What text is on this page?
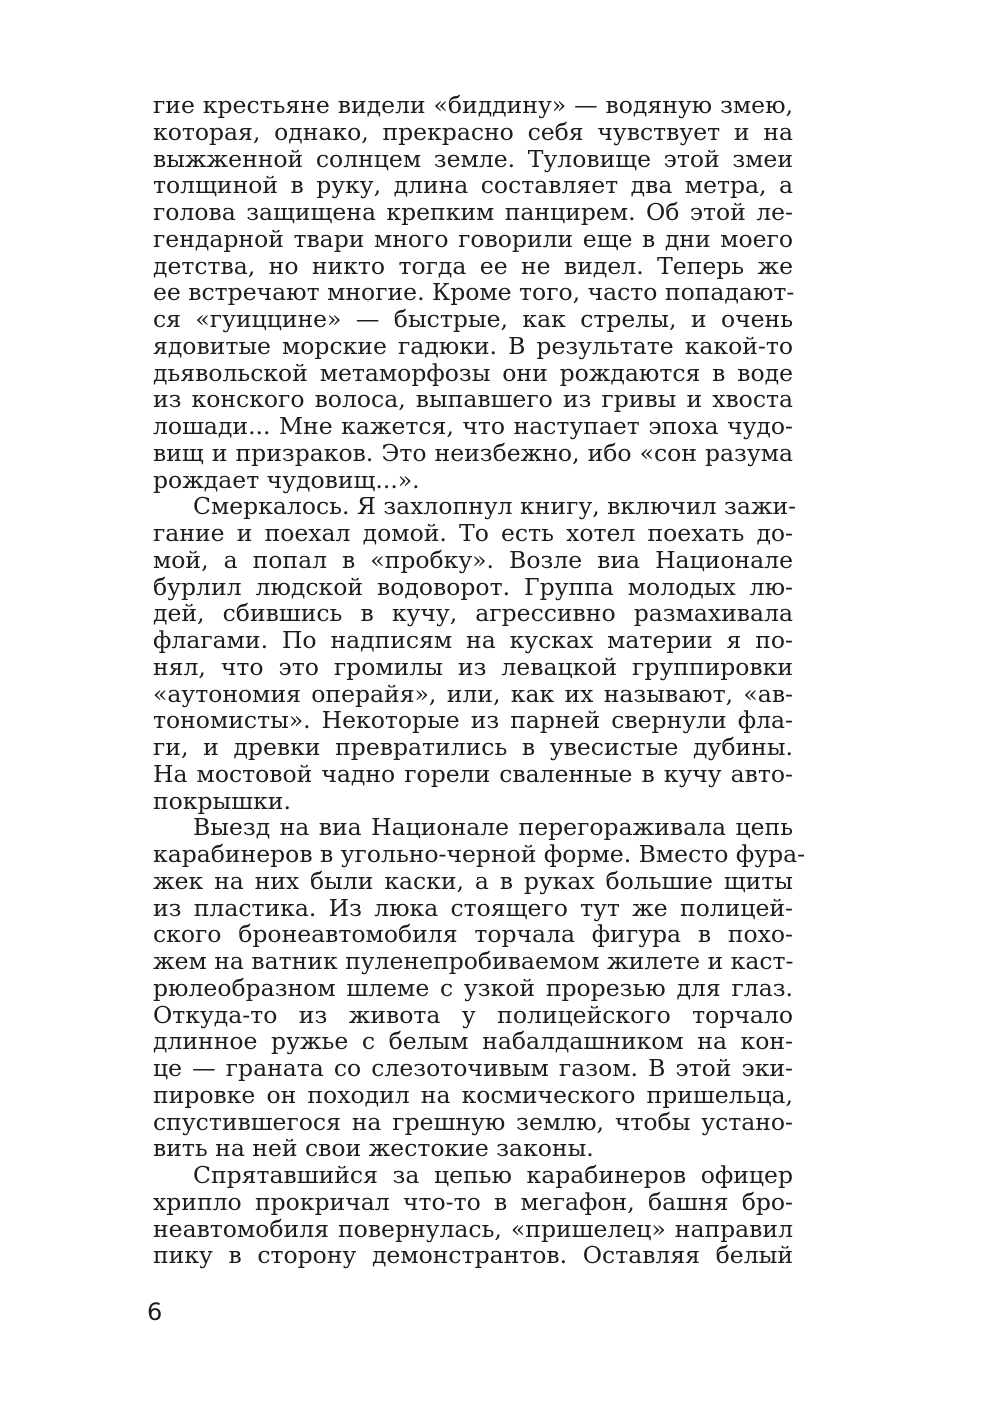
гие крестьяне видели «биддину» — водяную змею,
которая, однако, прекрасно себя чувствует и на
выжженной солнцем земле. Туловище этой змеи
толщиной в руку, длина составляет два метра, а
голова защищена крепким панцирем. Об этой ле-
гендарной твари много говорили еще в дни моего
детства, но никто тогда ее не видел. Теперь же
ее встречают многие. Кроме того, часто попадают-
ся «гуиццине» — быстрые, как стрелы, и очень
ядовитые морские гадюки. В результате какой-то
дьявольской метаморфозы они рождаются в воде
из конского волоса, выпавшего из гривы и хвоста
лошади... Мне кажется, что наступает эпоха чудо-
вищ и призраков. Это неизбежно, ибо «сон разума
рождает чудовищ...».
Смеркалось. Я захлопнул книгу, включил зажи-
гание и поехал домой. То есть хотел поехать до-
мой, а попал в «пробку». Возле виа Национале
бурлил людской водоворот. Группа молодых лю-
дей, сбившись в кучу, агрессивно размахивала
флагами. По надписям на кусках материи я по-
нял, что это громилы из левацкой группировки
«аутономия операйя», или, как их называют, «ав-
тономисты». Некоторые из парней свернули фла-
ги, и древки превратились в увесистые дубины.
На мостовой чадно горели сваленные в кучу авто-
покрышки.
Выезд на виа Национале перегораживала цепь
карабинеров в угольно-черной форме. Вместо фура-
жек на них были каски, а в руках большие щиты
из пластика. Из люка стоящего тут же полицей-
ского бронеавтомобиля торчала фигура в похо-
жем на ватник пуленепробиваемом жилете и каст-
рюлеобразном шлеме с узкой прорезью для глаз.
Откуда-то из живота у полицейского торчало
длинное ружье с белым набалдашником на кон-
це — граната со слезоточивым газом. В этой эки-
пировке он походил на космического пришельца,
спустившегося на грешную землю, чтобы устано-
вить на ней свои жестокие законы.
Спрятавшийся за цепью карабинеров офицер
хрипло прокричал что-то в мегафон, башня бро-
неавтомобиля повернулась, «пришелец» направил
пику в сторону демонстрантов. Оставляя белый
6
